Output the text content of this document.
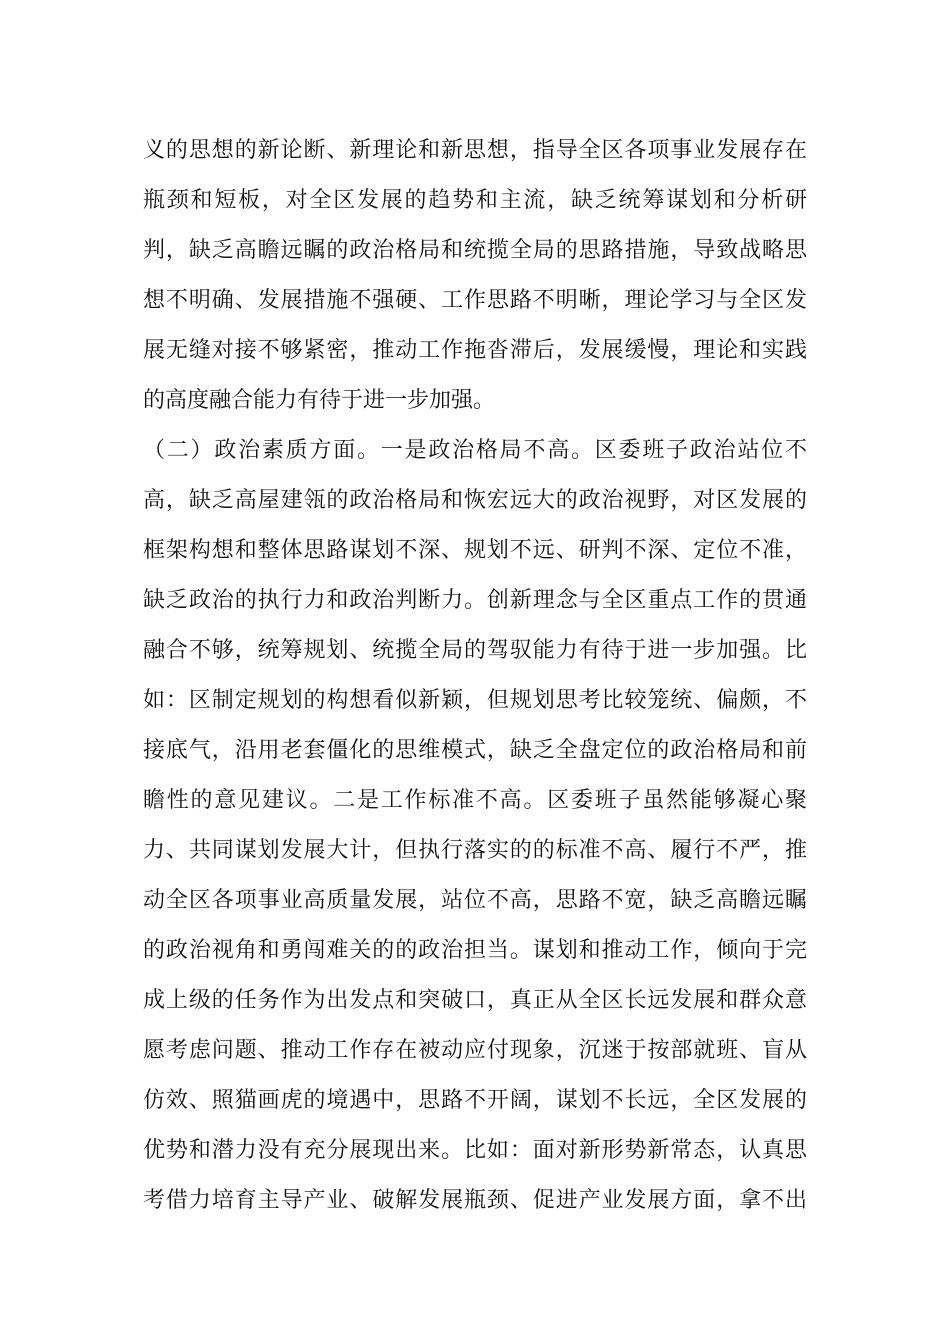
义的思想的新论断、新理论和新思想，指导全区各项事业发展存在
瓶颈和短板，对全区发展的趋势和主流，缺乏统筹谋划和分析研
判，缺乏高瞻远瞩的政治格局和统揽全局的思路措施，导致战略思
想不明确、发展措施不强硬、工作思路不明晰，理论学习与全区发
展无缝对接不够紧密，推动工作拖沓滞后，发展缓慢，理论和实践
的高度融合能力有待于进一步加强。
（二）政治素质方面。一是政治格局不高。区委班子政治站位不
高，缺乏高屋建瓴的政治格局和恢宏远大的政治视野，对区发展的
框架构想和整体思路谋划不深、规划不远、研判不深、定位不准，
缺乏政治的执行力和政治判断力。创新理念与全区重点工作的贯通
融合不够，统筹规划、统揽全局的驾驭能力有待于进一步加强。比
如：区制定规划的构想看似新颖，但规划思考比较笼统、偏颇，不
接底气，沿用老套僵化的思维模式，缺乏全盘定位的政治格局和前
瞻性的意见建议。二是工作标准不高。区委班子虽然能够凝心聚
力、共同谋划发展大计，但执行落实的的标准不高、履行不严，推
动全区各项事业高质量发展，站位不高，思路不宽，缺乏高瞻远瞩
的政治视角和勇闯难关的的政治担当。谋划和推动工作，倾向于完
成上级的任务作为出发点和突破口，真正从全区长远发展和群众意
愿考虑问题、推动工作存在被动应付现象，沉迷于按部就班、盲从
仿效、照猫画虎的境遇中，思路不开阔，谋划不长远，全区发展的
优势和潜力没有充分展现出来。比如：面对新形势新常态，认真思
考借力培育主导产业、破解发展瓶颈、促进产业发展方面，拿不出
